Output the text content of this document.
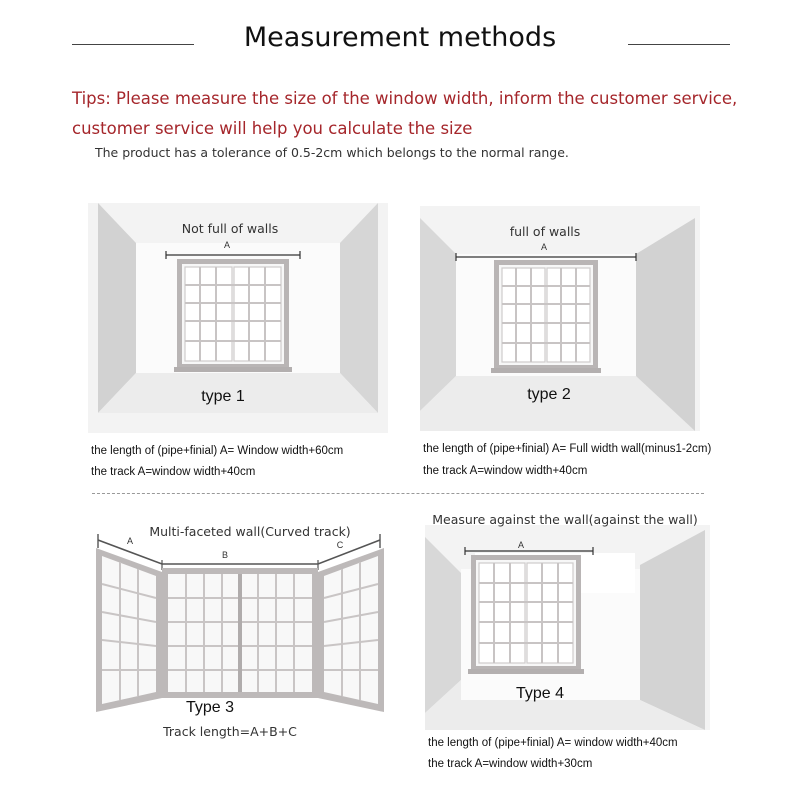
Measurement methods
Tips: Please measure the size of the window width, inform the customer service,
customer service will help you calculate the size
The product has a tolerance of 0.5-2cm which belongs to the normal range.
Not full of walls
A
type 1
the length of (pipe+finial) A= Window width+60cm
the track A=window width+40cm
full of walls
A
type 2
the length of (pipe+finial) A= Full width wall(minus1-2cm)
the track A=window width+40cm
Multi-faceted wall(Curved track)
A
B
C
Type 3
Track length=A+B+C
Measure against the wall(against the wall)
A
Type 4
the length of (pipe+finial) A= window width+40cm
the track A=window width+30cm
